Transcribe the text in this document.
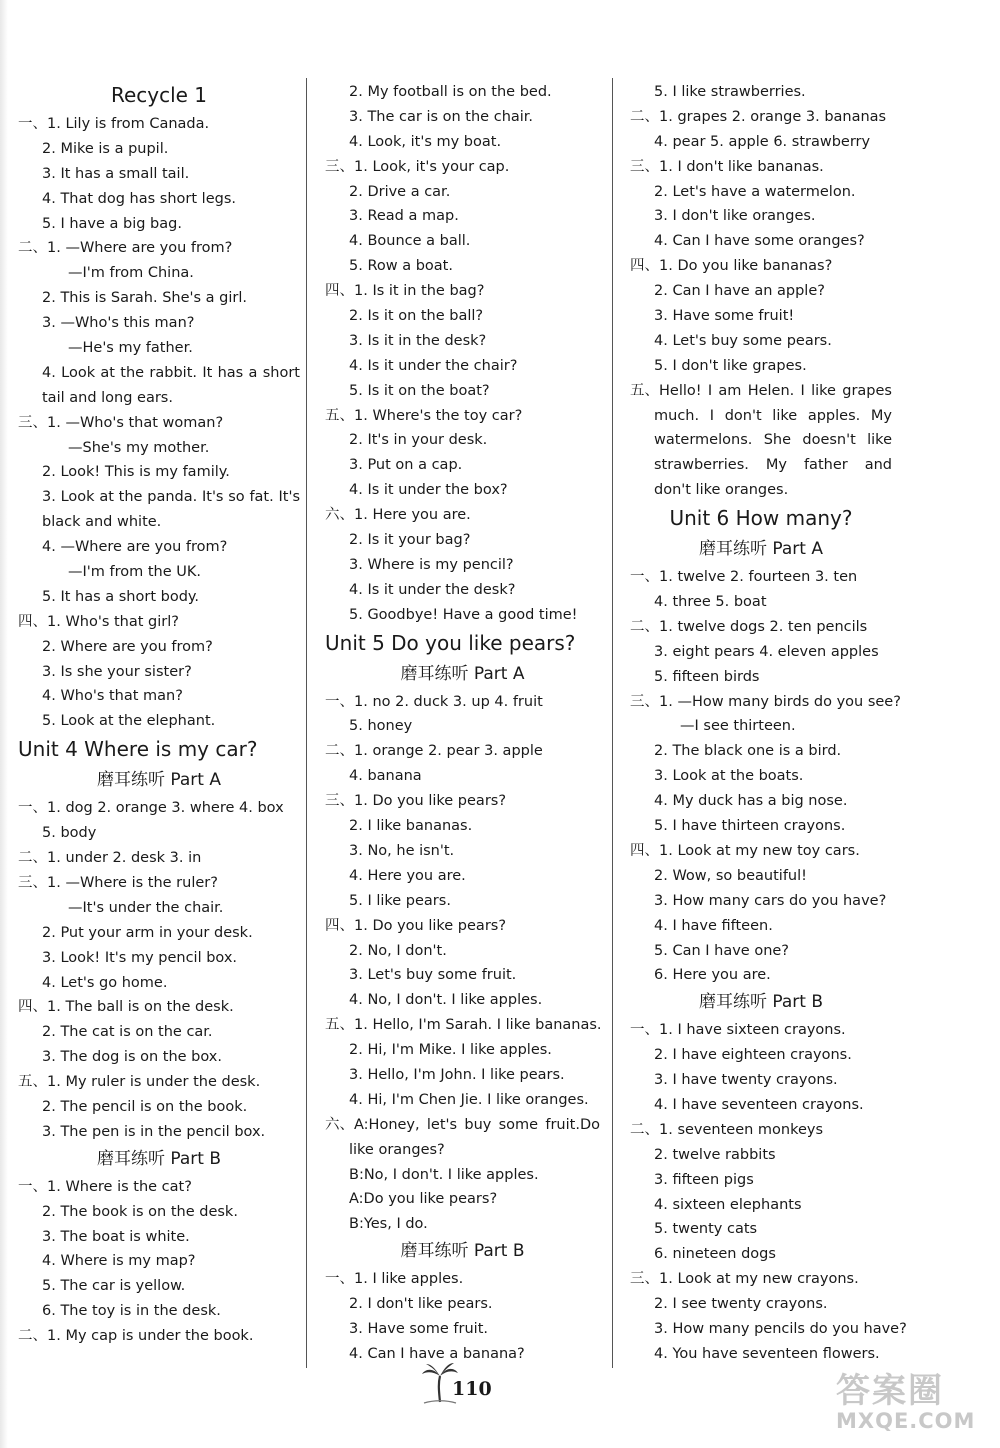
Recycle 1
一、1. Lily is from Canada.
2. Mike is a pupil.
3. It has a small tail.
4. That dog has short legs.
5. I have a big bag.
二、1. —Where are you from?
—I'm from China.
2. This is Sarah. She's a girl.
3. —Who's this man?
—He's my father.
4. Look at the rabbit. It has a short
tail and long ears.
三、1. —Who's that woman?
—She's my mother.
2. Look! This is my family.
3. Look at the panda. It's so fat. It's
black and white.
4. —Where are you from?
—I'm from the UK.
5. It has a short body.
四、1. Who's that girl?
2. Where are you from?
3. Is she your sister?
4. Who's that man?
5. Look at the elephant.
Unit 4 Where is my car?
磨耳练听 Part A
一、1. dog 2. orange 3. where 4. box
5. body
二、1. under 2. desk 3. in
三、1. —Where is the ruler?
—It's under the chair.
2. Put your arm in your desk.
3. Look! It's my pencil box.
4. Let's go home.
四、1. The ball is on the desk.
2. The cat is on the car.
3. The dog is on the box.
五、1. My ruler is under the desk.
2. The pencil is on the book.
3. The pen is in the pencil box.
磨耳练听 Part B
一、1. Where is the cat?
2. The book is on the desk.
3. The boat is white.
4. Where is my map?
5. The car is yellow.
6. The toy is in the desk.
二、1. My cap is under the book.
2. My football is on the bed.
3. The car is on the chair.
4. Look, it's my boat.
三、1. Look, it's your cap.
2. Drive a car.
3. Read a map.
4. Bounce a ball.
5. Row a boat.
四、1. Is it in the bag?
2. Is it on the ball?
3. Is it in the desk?
4. Is it under the chair?
5. Is it on the boat?
五、1. Where's the toy car?
2. It's in your desk.
3. Put on a cap.
4. Is it under the box?
六、1. Here you are.
2. Is it your bag?
3. Where is my pencil?
4. Is it under the desk?
5. Goodbye! Have a good time!
Unit 5 Do you like pears?
磨耳练听 Part A
一、1. no 2. duck 3. up 4. fruit
5. honey
二、1. orange 2. pear 3. apple
4. banana
三、1. Do you like pears?
2. I like bananas.
3. No, he isn't.
4. Here you are.
5. I like pears.
四、1. Do you like pears?
2. No, I don't.
3. Let's buy some fruit.
4. No, I don't. I like apples.
五、1. Hello, I'm Sarah. I like bananas.
2. Hi, I'm Mike. I like apples.
3. Hello, I'm John. I like pears.
4. Hi, I'm Chen Jie. I like oranges.
六、A:Honey, let's buy some fruit.Do
like oranges?
B:No, I don't. I like apples.
A:Do you like pears?
B:Yes, I do.
磨耳练听 Part B
一、1. I like apples.
2. I don't like pears.
3. Have some fruit.
4. Can I have a banana?
5. I like strawberries.
二、1. grapes 2. orange 3. bananas
4. pear 5. apple 6. strawberry
三、1. I don't like bananas.
2. Let's have a watermelon.
3. I don't like oranges.
4. Can I have some oranges?
四、1. Do you like bananas?
2. Can I have an apple?
3. Have some fruit!
4. Let's buy some pears.
5. I don't like grapes.
五、Hello! I am Helen. I like grapes
much. I don't like apples. My
watermelons. She doesn't like
strawberries. My father and
don't like oranges.
Unit 6 How many?
磨耳练听 Part A
一、1. twelve 2. fourteen 3. ten
4. three 5. boat
二、1. twelve dogs 2. ten pencils
3. eight pears 4. eleven apples
5. fifteen birds
三、1. —How many birds do you see?
—I see thirteen.
2. The black one is a bird.
3. Look at the boats.
4. My duck has a big nose.
5. I have thirteen crayons.
四、1. Look at my new toy cars.
2. Wow, so beautiful!
3. How many cars do you have?
4. I have fifteen.
5. Can I have one?
6. Here you are.
磨耳练听 Part B
一、1. I have sixteen crayons.
2. I have eighteen crayons.
3. I have twenty crayons.
4. I have seventeen crayons.
二、1. seventeen monkeys
2. twelve rabbits
3. fifteen pigs
4. sixteen elephants
5. twenty cats
6. nineteen dogs
三、1. Look at my new crayons.
2. I see twenty crayons.
3. How many pencils do you have?
4. You have seventeen flowers.
110	答案圈
MXQE.COM
